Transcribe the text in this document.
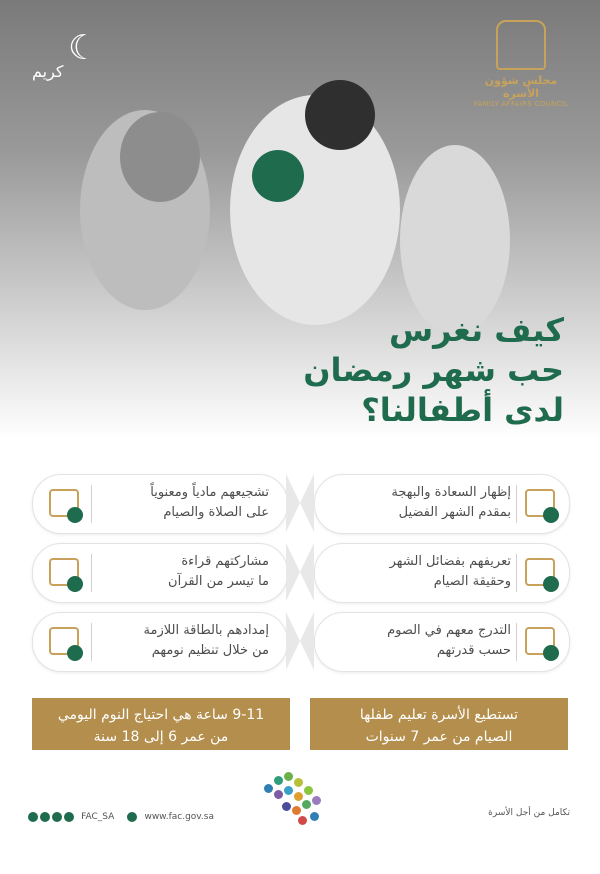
☾
كريم	مجلس شؤون الأسرة
FAMILY AFFAIRS COUNCIL
كيف نغرس
حب شهر رمضان
لدى أطفالنا؟
إظهار السعادة والبهجة
بمقدم الشهر الفضيل
تعريفهم بفضائل الشهر
وحقيقة الصيام
التدرج معهم في الصوم
حسب قدرتهم
تشجيعهم مادياً ومعنوياً
على الصلاة والصيام
مشاركتهم قراءة
ما تيسر من القرآن
إمدادهم بالطاقة اللازمة
من خلال تنظيم نومهم
تستطيع الأسرة تعليم طفلها
الصيام من عمر 7 سنوات
9-11 ساعة هي احتياج النوم اليومي
من عمر 6 إلى 18 سنة
FAC_SA	www.fac.gov.sa	تكامل من أجل الأسرة
